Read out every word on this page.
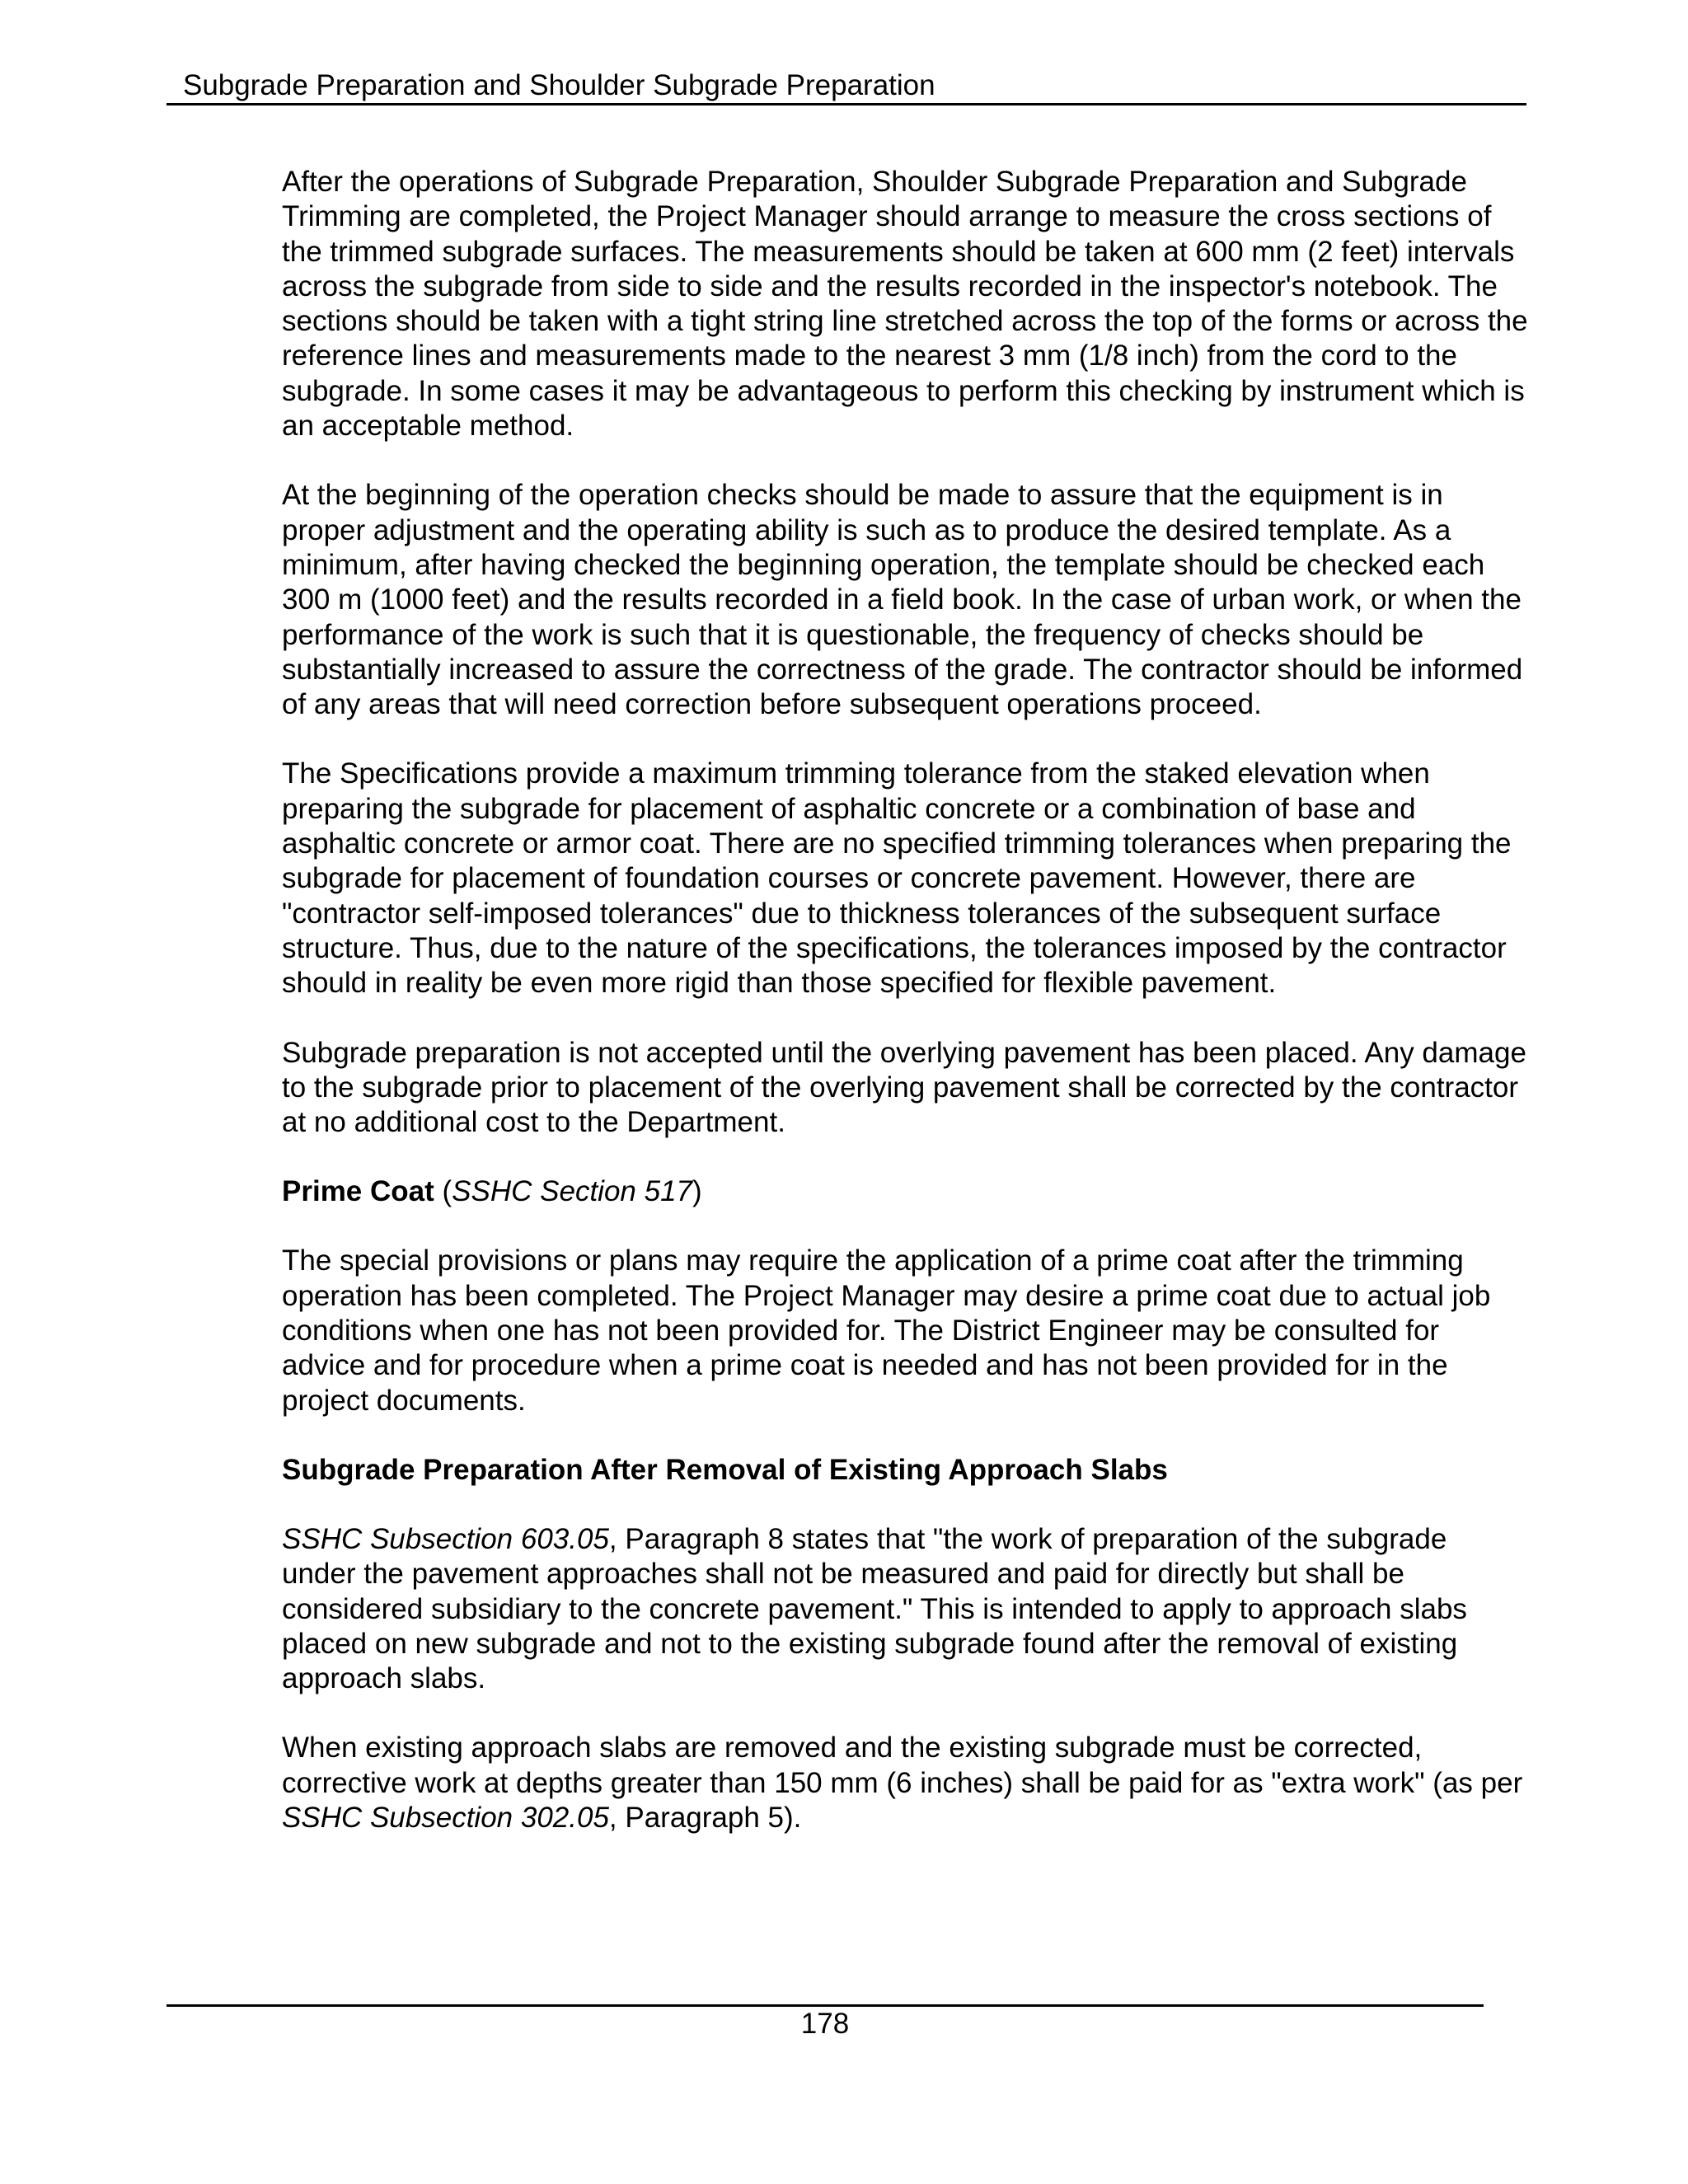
Subgrade Preparation and Shoulder Subgrade Preparation

After the operations of Subgrade Preparation, Shoulder Subgrade Preparation and Subgrade Trimming are completed, the Project Manager should arrange to measure the cross sections of the trimmed subgrade surfaces. The measurements should be taken at 600 mm (2 feet) intervals across the subgrade from side to side and the results recorded in the inspector's notebook. The sections should be taken with a tight string line stretched across the top of the forms or across the reference lines and measurements made to the nearest 3 mm (1/8 inch) from the cord to the subgrade. In some cases it may be advantageous to perform this checking by instrument which is an acceptable method.

At the beginning of the operation checks should be made to assure that the equipment is in proper adjustment and the operating ability is such as to produce the desired template. As a minimum, after having checked the beginning operation, the template should be checked each 300 m (1000 feet) and the results recorded in a field book. In the case of urban work, or when the performance of the work is such that it is questionable, the frequency of checks should be substantially increased to assure the correctness of the grade. The contractor should be informed of any areas that will need correction before subsequent operations proceed.

The Specifications provide a maximum trimming tolerance from the staked elevation when preparing the subgrade for placement of asphaltic concrete or a combination of base and asphaltic concrete or armor coat. There are no specified trimming tolerances when preparing the subgrade for placement of foundation courses or concrete pavement. However, there are "contractor self-imposed tolerances" due to thickness tolerances of the subsequent surface structure. Thus, due to the nature of the specifications, the tolerances imposed by the contractor should in reality be even more rigid than those specified for flexible pavement.

Subgrade preparation is not accepted until the overlying pavement has been placed. Any damage to the subgrade prior to placement of the overlying pavement shall be corrected by the contractor at no additional cost to the Department.

Prime Coat (SSHC Section 517)

The special provisions or plans may require the application of a prime coat after the trimming operation has been completed. The Project Manager may desire a prime coat due to actual job conditions when one has not been provided for. The District Engineer may be consulted for advice and for procedure when a prime coat is needed and has not been provided for in the project documents.

Subgrade Preparation After Removal of Existing Approach Slabs

SSHC Subsection 603.05, Paragraph 8 states that "the work of preparation of the subgrade under the pavement approaches shall not be measured and paid for directly but shall be considered subsidiary to the concrete pavement." This is intended to apply to approach slabs placed on new subgrade and not to the existing subgrade found after the removal of existing approach slabs.

When existing approach slabs are removed and the existing subgrade must be corrected, corrective work at depths greater than 150 mm (6 inches) shall be paid for as "extra work" (as per SSHC Subsection 302.05, Paragraph 5).

178
